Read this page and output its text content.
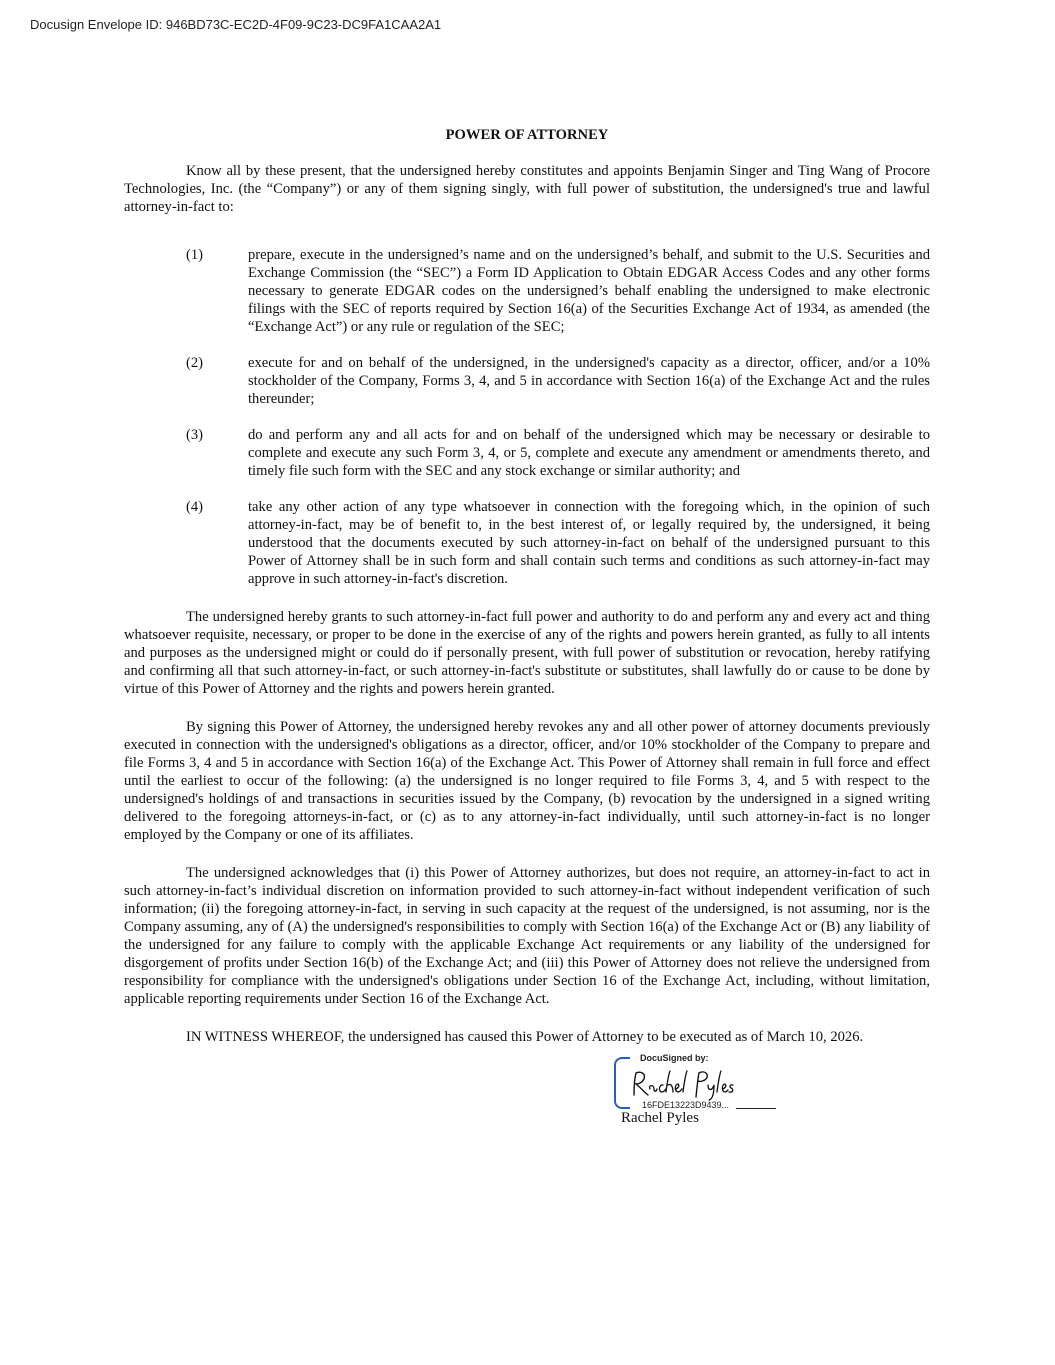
Docusign Envelope ID: 946BD73C-EC2D-4F09-9C23-DC9FA1CAA2A1
POWER OF ATTORNEY

Know all by these present, that the undersigned hereby constitutes and appoints Benjamin Singer and Ting Wang of Procore Technologies, Inc. (the “Company”) or any of them signing singly, with full power of substitution, the undersigned's true and lawful attorney-in-fact to:

(1)	prepare, execute in the undersigned’s name and on the undersigned’s behalf, and submit to the U.S. Securities and Exchange Commission (the “SEC”) a Form ID Application to Obtain EDGAR Access Codes and any other forms necessary to generate EDGAR codes on the undersigned’s behalf enabling the undersigned to make electronic filings with the SEC of reports required by Section 16(a) of the Securities Exchange Act of 1934, as amended (the “Exchange Act”) or any rule or regulation of the SEC;
(2)	execute for and on behalf of the undersigned, in the undersigned's capacity as a director, officer, and/or a 10% stockholder of the Company, Forms 3, 4, and 5 in accordance with Section 16(a) of the Exchange Act and the rules thereunder;
(3)	do and perform any and all acts for and on behalf of the undersigned which may be necessary or desirable to complete and execute any such Form 3, 4, or 5, complete and execute any amendment or amendments thereto, and timely file such form with the SEC and any stock exchange or similar authority; and
(4)	take any other action of any type whatsoever in connection with the foregoing which, in the opinion of such attorney-in-fact, may be of benefit to, in the best interest of, or legally required by, the undersigned, it being understood that the documents executed by such attorney-in-fact on behalf of the undersigned pursuant to this Power of Attorney shall be in such form and shall contain such terms and conditions as such attorney-in-fact may approve in such attorney-in-fact's discretion.

The undersigned hereby grants to such attorney-in-fact full power and authority to do and perform any and every act and thing whatsoever requisite, necessary, or proper to be done in the exercise of any of the rights and powers herein granted, as fully to all intents and purposes as the undersigned might or could do if personally present, with full power of substitution or revocation, hereby ratifying and confirming all that such attorney-in-fact, or such attorney-in-fact's substitute or substitutes, shall lawfully do or cause to be done by virtue of this Power of Attorney and the rights and powers herein granted.

By signing this Power of Attorney, the undersigned hereby revokes any and all other power of attorney documents previously executed in connection with the undersigned's obligations as a director, officer, and/or 10% stockholder of the Company to prepare and file Forms 3, 4 and 5 in accordance with Section 16(a) of the Exchange Act. This Power of Attorney shall remain in full force and effect until the earliest to occur of the following: (a) the undersigned is no longer required to file Forms 3, 4, and 5 with respect to the undersigned's holdings of and transactions in securities issued by the Company, (b) revocation by the undersigned in a signed writing delivered to the foregoing attorneys-in-fact, or (c) as to any attorney-in-fact individually, until such attorney-in-fact is no longer employed by the Company or one of its affiliates.

The undersigned acknowledges that (i) this Power of Attorney authorizes, but does not require, an attorney-in-fact to act in such attorney-in-fact’s individual discretion on information provided to such attorney-in-fact without independent verification of such information; (ii) the foregoing attorney-in-fact, in serving in such capacity at the request of the undersigned, is not assuming, nor is the Company assuming, any of (A) the undersigned's responsibilities to comply with Section 16(a) of the Exchange Act or (B) any liability of the undersigned for any failure to comply with the applicable Exchange Act requirements or any liability of the undersigned for disgorgement of profits under Section 16(b) of the Exchange Act; and (iii) this Power of Attorney does not relieve the undersigned from responsibility for compliance with the undersigned's obligations under Section 16 of the Exchange Act, including, without limitation, applicable reporting requirements under Section 16 of the Exchange Act.

IN WITNESS WHEREOF, the undersigned has caused this Power of Attorney to be executed as of March 10, 2026.

DocuSigned by:
16FDE13223D9439...
Rachel Pyles
